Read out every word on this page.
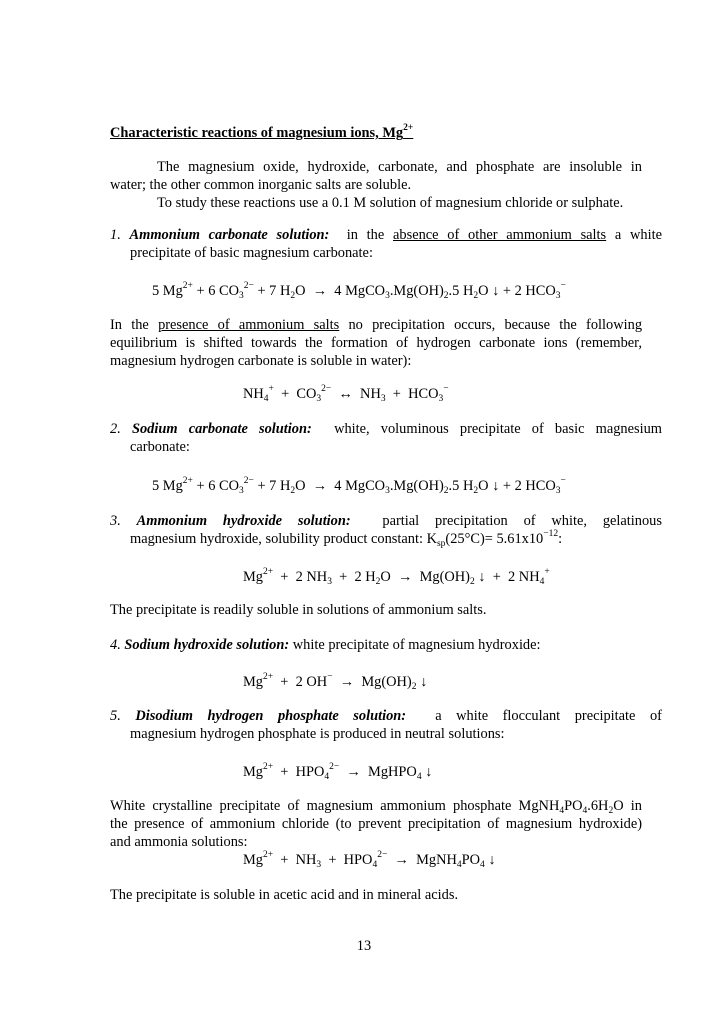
Characteristic reactions of magnesium ions, $Mg^{2+}$
The magnesium oxide, hydroxide, carbonate, and phosphate are insoluble in
water; the other common inorganic salts are soluble.
To study these reactions use a 0.1 M solution of magnesium chloride or sulphate.
1. Ammonium carbonate solution: in the absence of other ammonium salts a white
precipitate of basic magnesium carbonate:
5 $Mg^{2+} + 6$ $CO_3^{2-} + 7$ $H_2O \to 4$ $MgCO_3.Mg(OH)_2.5$ $H_2O$ ↓ + 2 $HCO_3^-$
In the presence of ammonium salts no precipitation occurs, because the following
equilibrium is shifted towards the formation of hydrogen carbonate ions (remember,
magnesium hydrogen carbonate is soluble in water):
$NH_4^+ + CO_3^{2-}$  ↔  $NH_3 + HCO_3^-$
2. Sodium carbonate solution: white, voluminous precipitate of basic magnesium
carbonate:
5 $Mg^{2+} + 6$ $CO_3^{2-} + 7$ $H_2O \to 4$ $MgCO_3.Mg(OH)_2.5$ $H_2O$ ↓ + 2 $HCO_3^-$
3. Ammonium hydroxide solution: partial precipitation of white, gelatinous
magnesium hydroxide, solubility product constant: $K_{sp}(25^\circ C)= 5.61x10^{-12}$:
$Mg^{2+} + 2$ $NH_3 + 2$ $H_2O \to Mg(OH)_2$ ↓  +  2 $NH_4^+$
The precipitate is readily soluble in solutions of ammonium salts.
4. Sodium hydroxide solution: white precipitate of magnesium hydroxide:
$Mg^{2+} + 2$ $OH^- \to Mg(OH)_2$ ↓
5. Disodium hydrogen phosphate solution: a white flocculant precipitate of
magnesium hydrogen phosphate is produced in neutral solutions:
$Mg^{2+} + HPO_4^{2-}$  →  MgHPO$_4$ ↓
White crystalline precipitate of magnesium ammonium phosphate $MgNH_4PO_4.6H_2O$ in
the presence of ammonium chloride (to prevent precipitation of magnesium hydroxide)
and ammonia solutions:
$Mg^{2+} + NH_3 + HPO_4^{2-}$  →  $MgNH_4PO_4$ ↓
The precipitate is soluble in acetic acid and in mineral acids.
13
